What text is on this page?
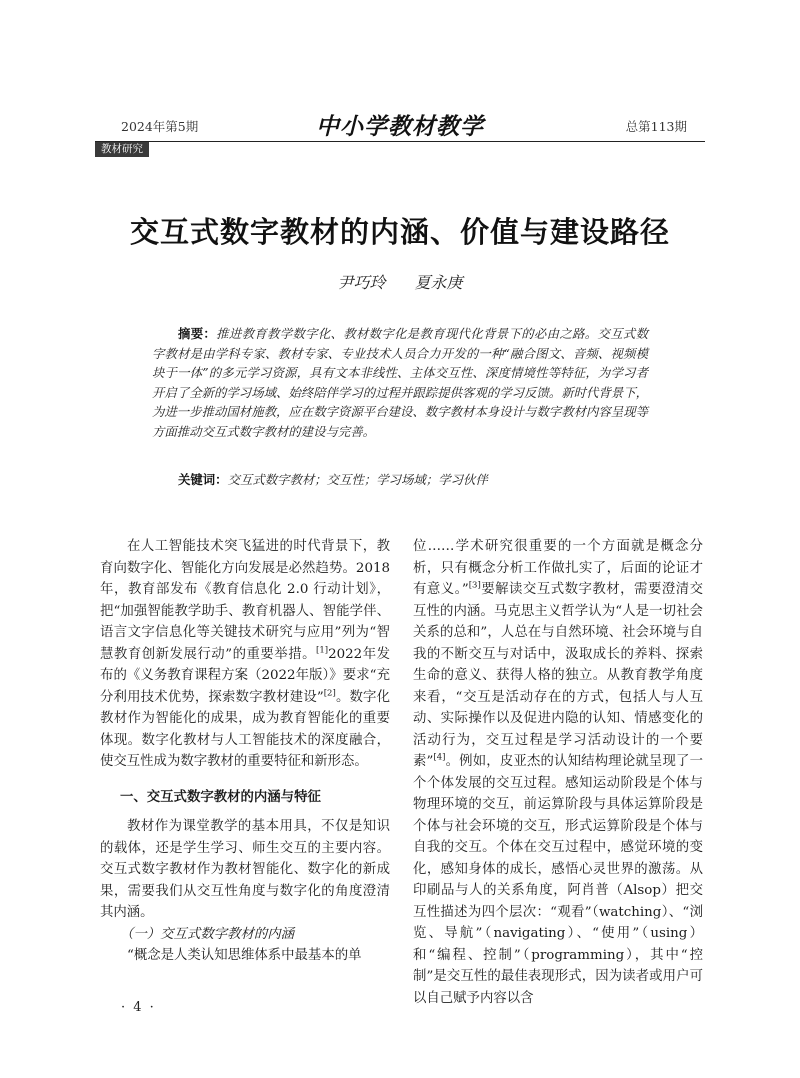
2024年第5期	中小学教材教学	总第113期
教材研究
交互式数字教材的内涵、价值与建设路径
尹巧玲 夏永庚
摘要：推进教育教学数字化、教材数字化是教育现代化背景下的必由之路。交互式数字教材是由学科专家、教材专家、专业技术人员合力开发的一种“融合图文、音频、视频模块于一体”的多元学习资源，具有文本非线性、主体交互性、深度情境性等特征，为学习者开启了全新的学习场域、始终陪伴学习的过程并跟踪提供客观的学习反馈。新时代背景下，为进一步推动国材施教，应在数字资源平台建设、数字教材本身设计与数字教材内容呈现等方面推动交互式数字教材的建设与完善。
关键词：交互式数字教材；交互性；学习场域；学习伙伴

在人工智能技术突飞猛进的时代背景下，教育向数字化、智能化方向发展是必然趋势。2018年，教育部发布《教育信息化 2.0 行动计划》，把“加强智能教学助手、教育机器人、智能学伴、语言文字信息化等关键技术研究与应用”列为“智慧教育创新发展行动”的重要举措。[1]2022年发布的《义务教育课程方案（2022年版）》要求“充分利用技术优势，探索数字教材建设”[2]。数字化教材作为智能化的成果，成为教育智能化的重要体现。数字化教材与人工智能技术的深度融合，使交互性成为数字教材的重要特征和新形态。

一、交互式数字教材的内涵与特征

教材作为课堂教学的基本用具，不仅是知识的载体，还是学生学习、师生交互的主要内容。交互式数字教材作为教材智能化、数字化的新成果，需要我们从交互性角度与数字化的角度澄清其内涵。

（一）交互式数字教材的内涵

“概念是人类认知思维体系中最基本的单

位……学术研究很重要的一个方面就是概念分析，只有概念分析工作做扎实了，后面的论证才有意义。”[3]要解读交互式数字教材，需要澄清交互性的内涵。马克思主义哲学认为“人是一切社会关系的总和”，人总在与自然环境、社会环境与自我的不断交互与对话中，汲取成长的养料、探索生命的意义、获得人格的独立。从教育教学角度来看，“交互是活动存在的方式，包括人与人互动、实际操作以及促进内隐的认知、情感变化的活动行为，交互过程是学习活动设计的一个要素”[4]。例如，皮亚杰的认知结构理论就呈现了一个个体发展的交互过程。感知运动阶段是个体与物理环境的交互，前运算阶段与具体运算阶段是个体与社会环境的交互，形式运算阶段是个体与自我的交互。个体在交互过程中，感觉环境的变化，感知身体的成长，感悟心灵世界的激荡。从印刷品与人的关系角度，阿肖普（Alsop）把交互性描述为四个层次：“观看”（watching）、“浏览、导航”（navigating）、“使用”（using）和“编程、控制”（programming），其中“控制”是交互性的最佳表现形式，因为读者或用户可以自己赋予内容以含

· 4 ·
